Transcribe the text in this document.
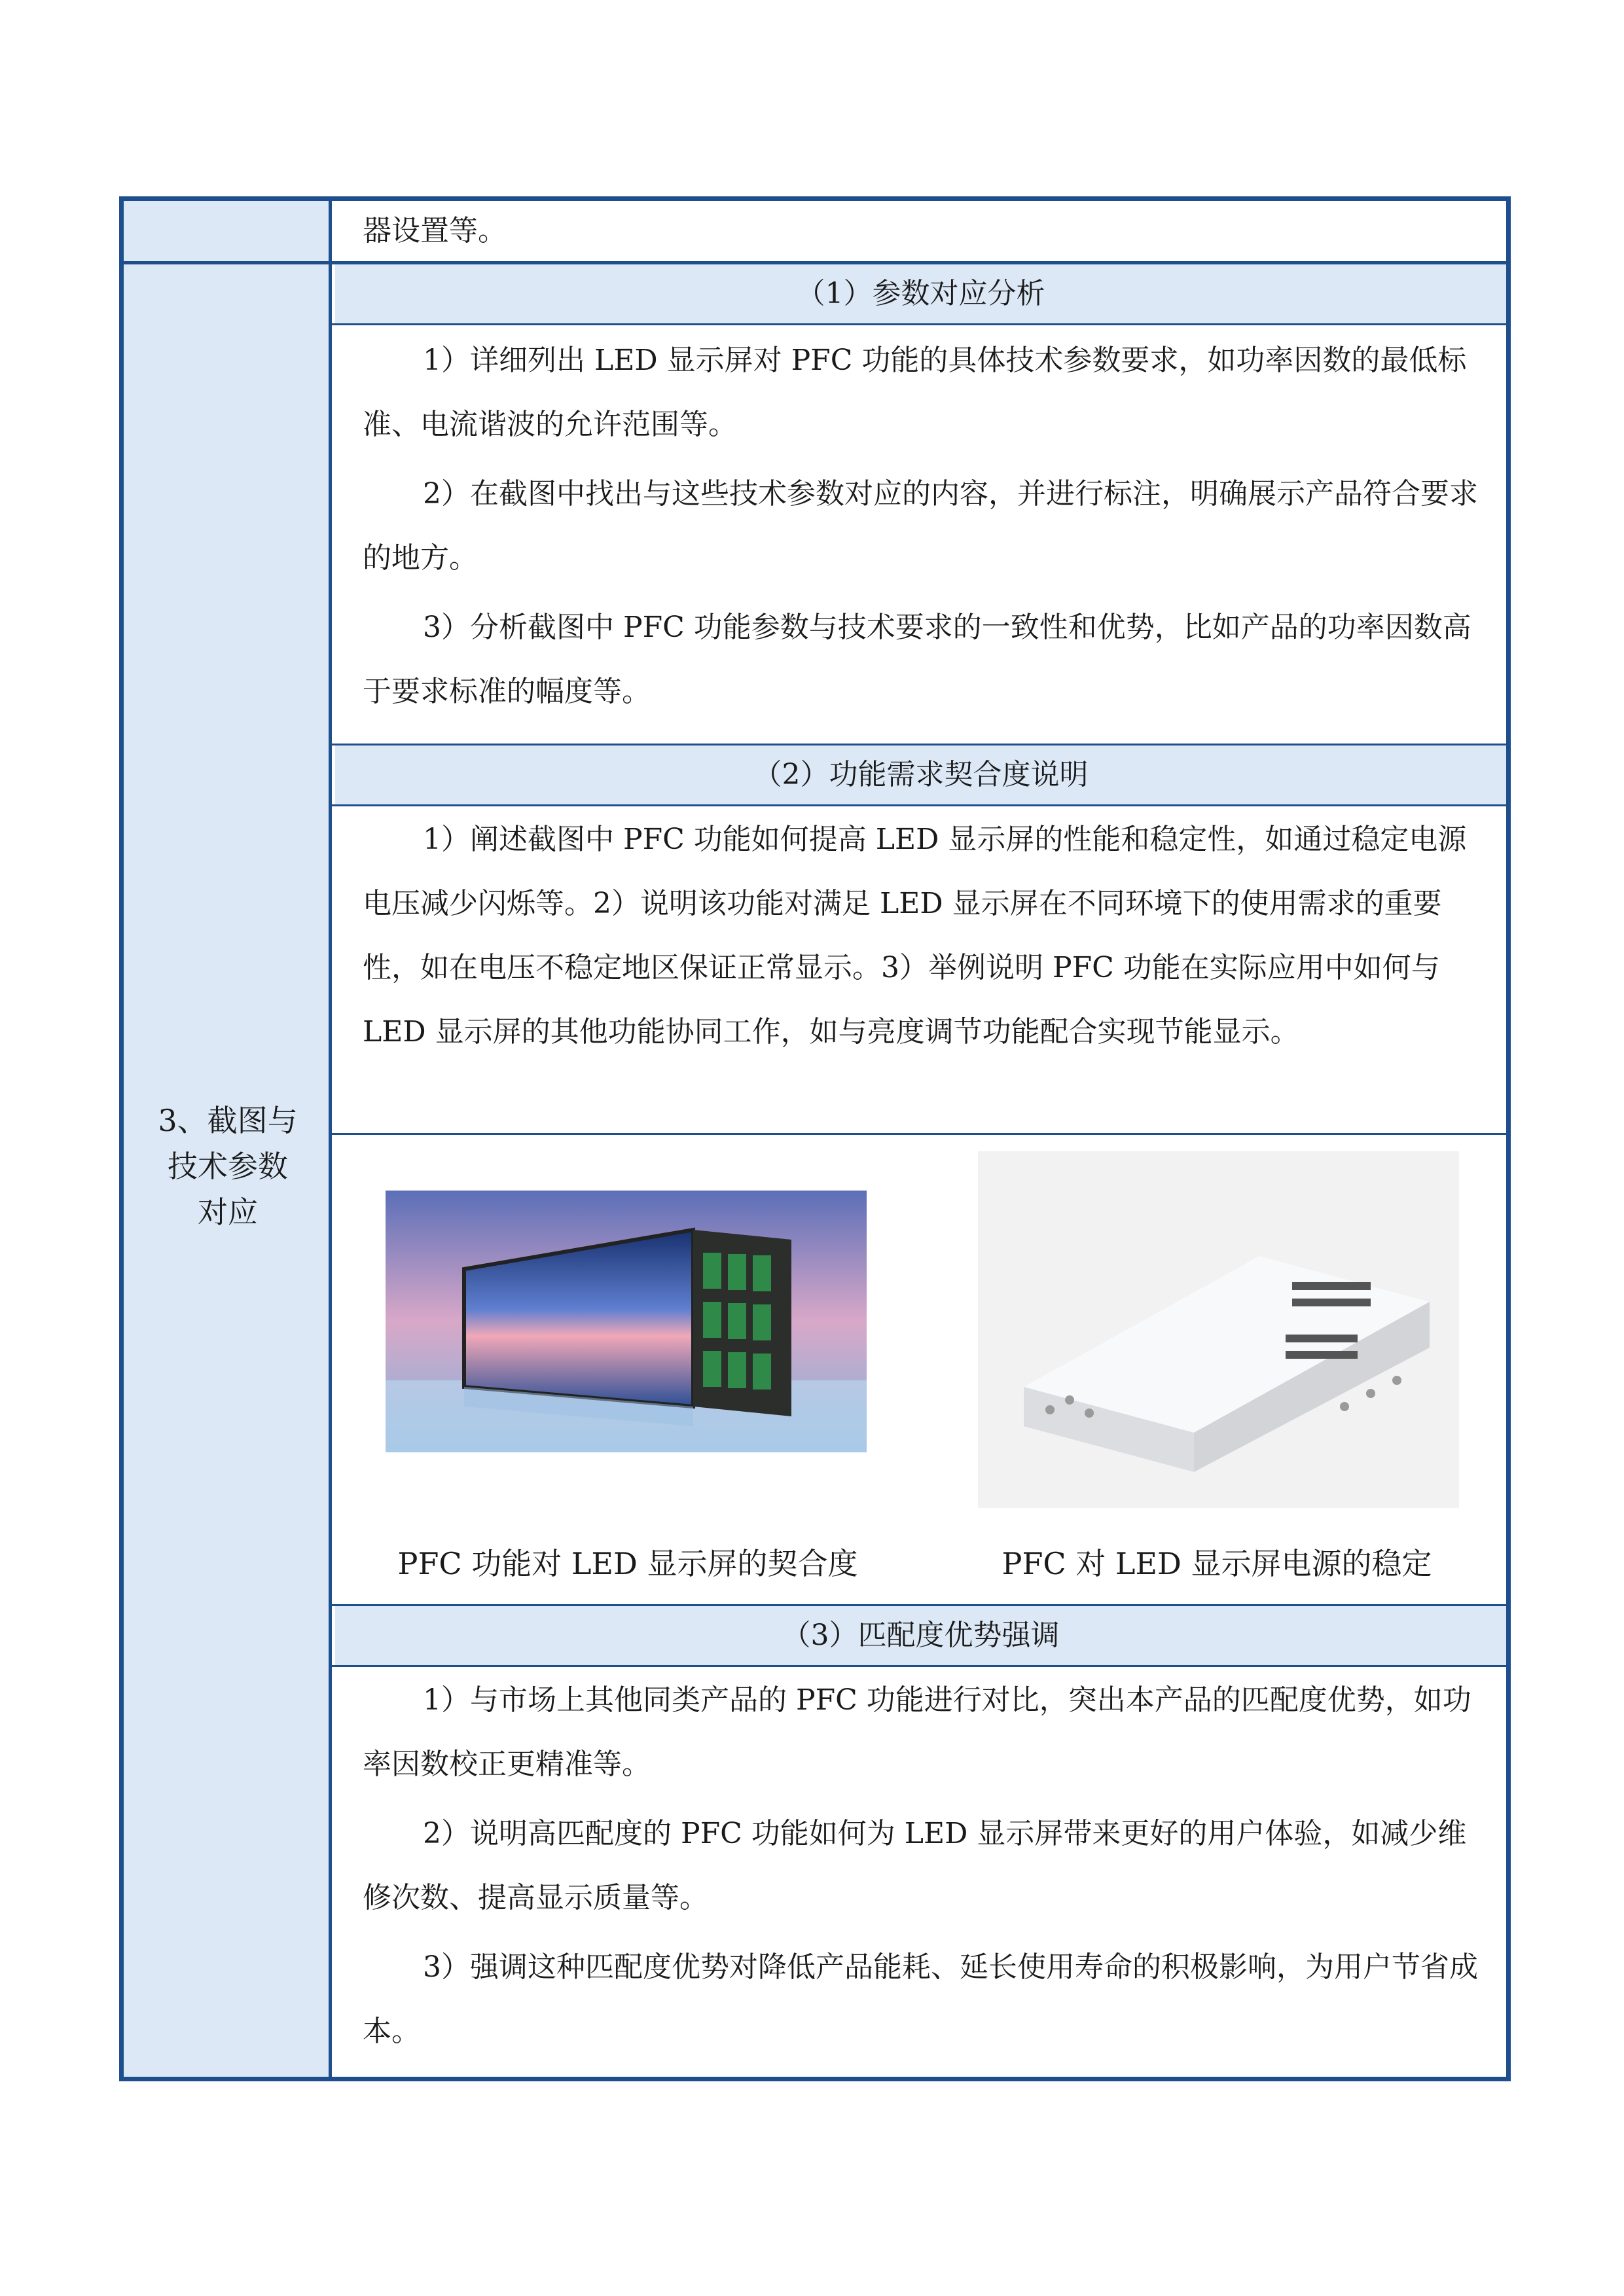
器设置等。

（1）参数对应分析

1）详细列出 LED 显示屏对 PFC 功能的具体技术参数要求，如功率因数的最低标准、电流谐波的允许范围等。

2）在截图中找出与这些技术参数对应的内容，并进行标注，明确展示产品符合要求的地方。

3）分析截图中 PFC 功能参数与技术要求的一致性和优势，比如产品的功率因数高于要求标准的幅度等。

（2）功能需求契合度说明

1）阐述截图中 PFC 功能如何提高 LED 显示屏的性能和稳定性，如通过稳定电源电压减少闪烁等。2）说明该功能对满足 LED 显示屏在不同环境下的使用需求的重要性，如在电压不稳定地区保证正常显示。3）举例说明 PFC 功能在实际应用中如何与 LED 显示屏的其他功能协同工作，如与亮度调节功能配合实现节能显示。

3、截图与
技术参数
对应
PFC 功能对 LED 显示屏的契合度	PFC 对 LED 显示屏电源的稳定
（3）匹配度优势强调

1）与市场上其他同类产品的 PFC 功能进行对比，突出本产品的匹配度优势，如功率因数校正更精准等。

2）说明高匹配度的 PFC 功能如何为 LED 显示屏带来更好的用户体验，如减少维修次数、提高显示质量等。

3）强调这种匹配度优势对降低产品能耗、延长使用寿命的积极影响，为用户节省成本。
